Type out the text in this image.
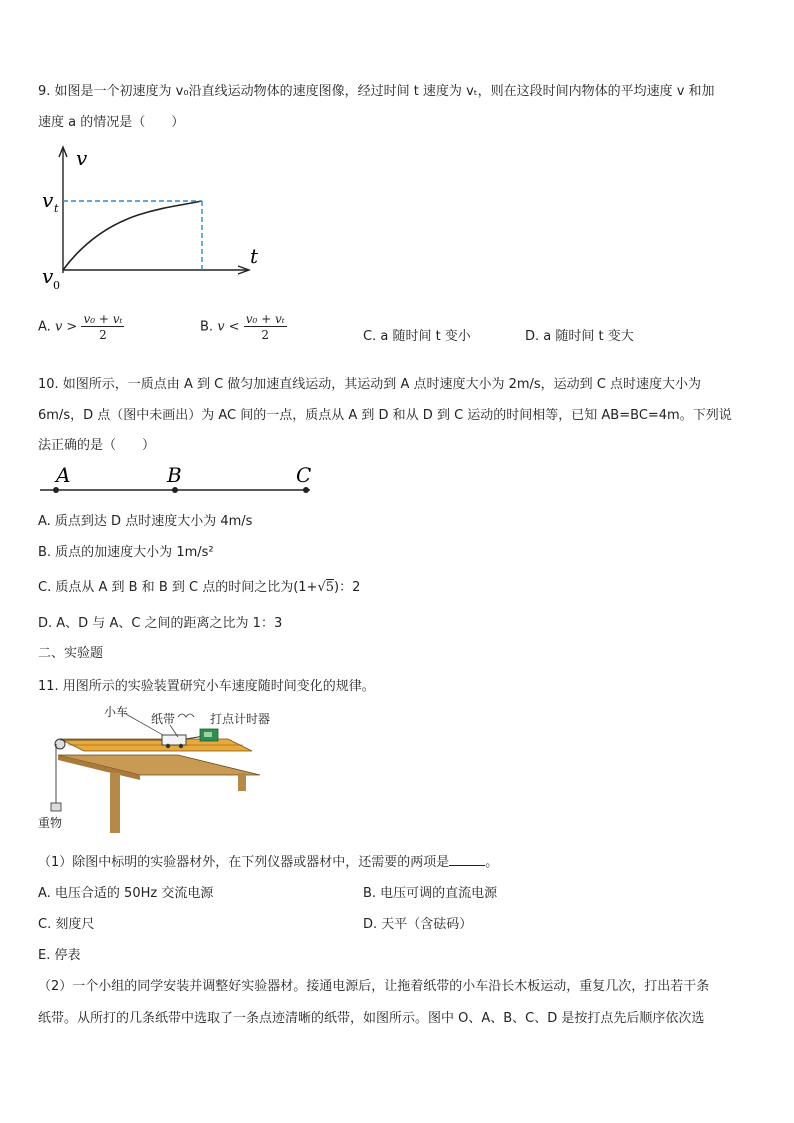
9. 如图是一个初速度为 v₀沿直线运动物体的速度图像，经过时间 t 速度为 vₜ，则在这段时间内物体的平均速度 v 和加
速度 a 的情况是（　　）
v
t
v t
v 0
A. $v > \frac{\text{v₀ + vₜ}}{2}$	B. $v < \frac{\text{v₀ + vₜ}}{2}$	C. a 随时间 t 变小	D. a 随时间 t 变大
10. 如图所示，一质点由 A 到 C 做匀加速直线运动，其运动到 A 点时速度大小为 2m/s，运动到 C 点时速度大小为
6m/s，D 点（图中未画出）为 AC 间的一点，质点从 A 到 D 和从 D 到 C 运动的时间相等，已知 AB=BC=4m。下列说
法正确的是（　　）
A	B	C
A. 质点到达 D 点时速度大小为 4m/s
B. 质点的加速度大小为 1m/s²
C. 质点从 A 到 B 和 B 到 C 点的时间之比为(1+√5)：2
D. A、D 与 A、C 之间的距离之比为 1：3
二、实验题
11. 用图所示的实验装置研究小车速度随时间变化的规律。
小车 纸带	打点计时器
重物
（1）除图中标明的实验器材外，在下列仪器或器材中，还需要的两项是	。
A. 电压合适的 50Hz 交流电源	B. 电压可调的直流电源
C. 刻度尺	D. 天平（含砝码）
E. 停表
（2）一个小组的同学安装并调整好实验器材。接通电源后，让拖着纸带的小车沿长木板运动，重复几次，打出若干条
纸带。从所打的几条纸带中选取了一条点迹清晰的纸带，如图所示。图中 O、A、B、C、D 是按打点先后顺序依次选
